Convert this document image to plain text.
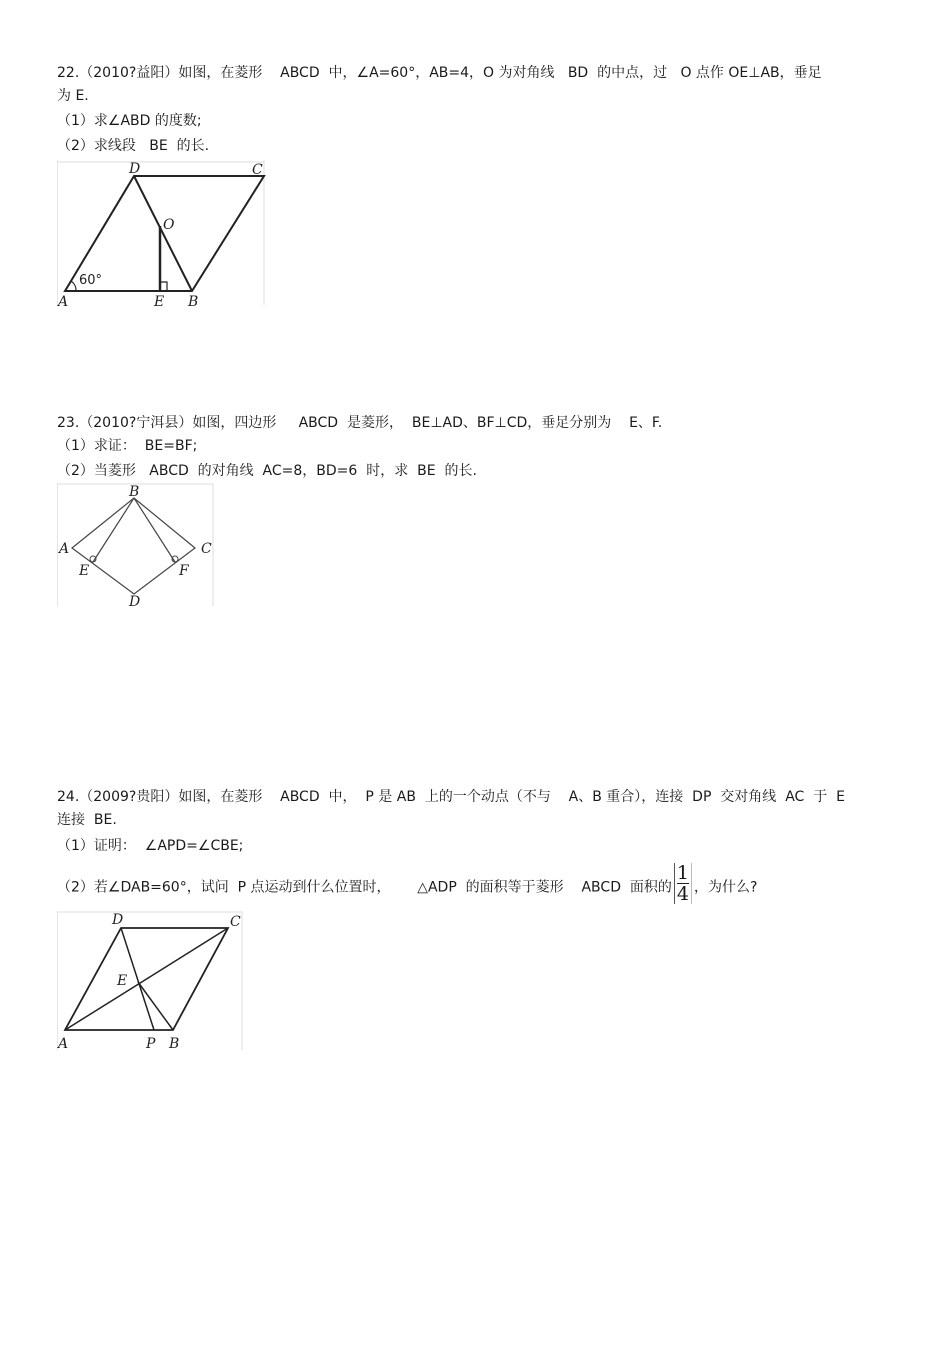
22.（2010?益阳）如图，在菱形    ABCD  中，∠A=60°，AB=4，O 为对角线   BD  的中点，过   O 点作 OE⊥AB，垂足
为 E.
（1）求∠ABD 的度数;
（2）求线段   BE  的长.
A	B
C
D
E
O
60°
23.（2010?宁洱县）如图，四边形     ABCD  是菱形，  BE⊥AD、BF⊥CD，垂足分别为    E、F.
（1）求证：  BE=BF;
（2）当菱形   ABCD  的对角线  AC=8，BD=6  时，求  BE  的长.
B
A	C
D
E	F
24.（2009?贵阳）如图，在菱形    ABCD  中，  P 是 AB  上的一个动点（不与    A、B 重合），连接  DP  交对角线  AC  于  E
连接  BE.
（1）证明：  ∠APD=∠CBE;
（2）若∠DAB=60°，试问  P 点运动到什么位置时，      △ADP  的面积等于菱形    ABCD  面积的 $\frac{1}{4}$ ，为什么?
D	C
E
A	P B
